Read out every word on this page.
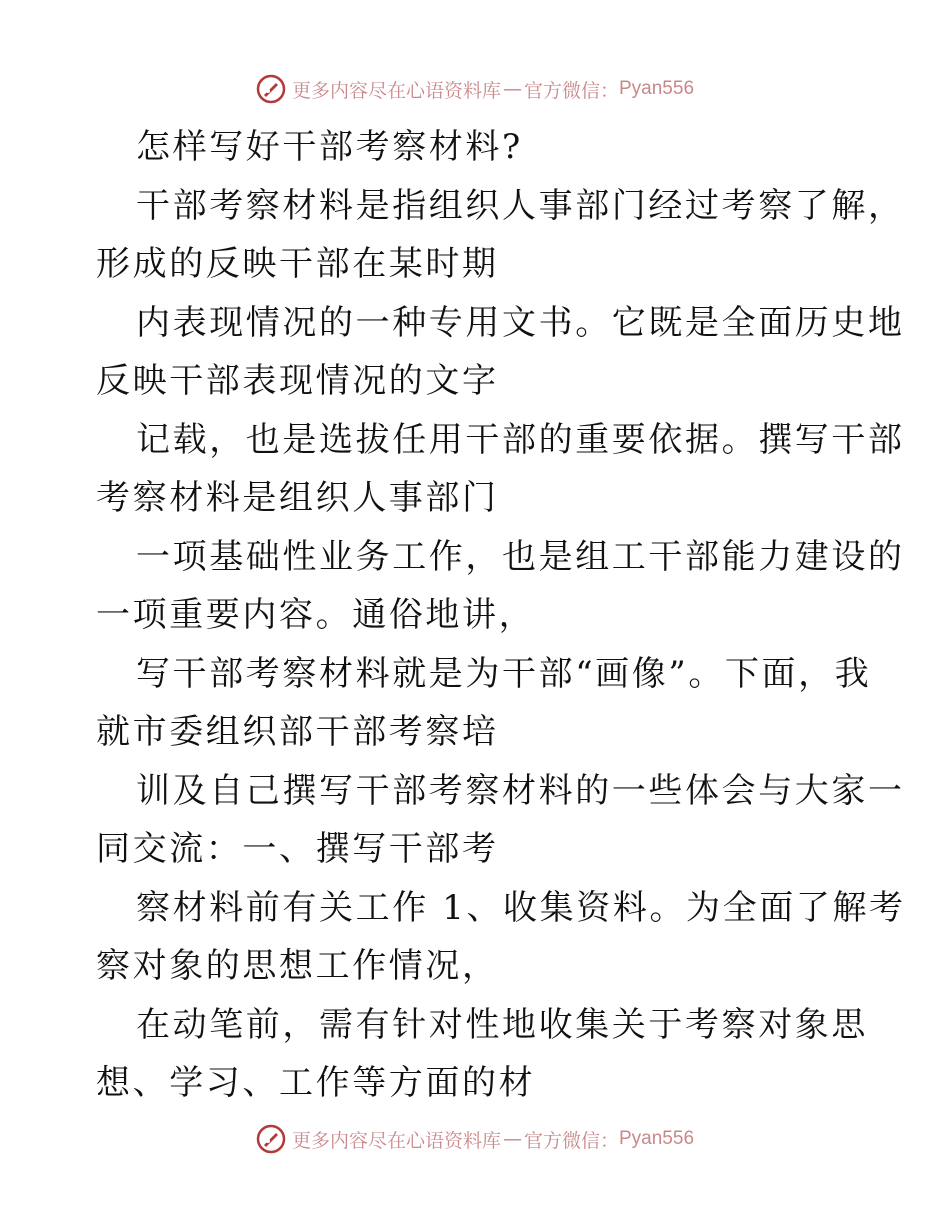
更多内容尽在心语资料库 — 官方微信： Pyan556
怎样写好干部考察材料?
干部考察材料是指组织人事部门经过考察了解，
形成的反映干部在某时期
内表现情况的一种专用文书。它既是全面历史地
反映干部表现情况的文字
记载，也是选拔任用干部的重要依据。撰写干部
考察材料是组织人事部门
一项基础性业务工作，也是组工干部能力建设的
一项重要内容。通俗地讲，
写干部考察材料就是为干部“画像”。下面，我
就市委组织部干部考察培
训及自己撰写干部考察材料的一些体会与大家一
同交流：一、撰写干部考
察材料前有关工作 1、收集资料。为全面了解考
察对象的思想工作情况，
在动笔前，需有针对性地收集关于考察对象思
想、学习、工作等方面的材
更多内容尽在心语资料库 — 官方微信： Pyan556
